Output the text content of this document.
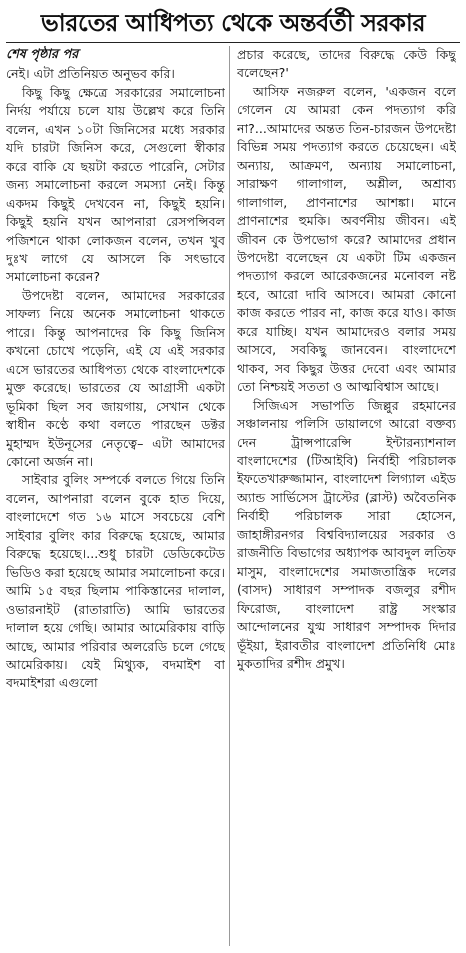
ভারতের আধিপত্য থেকে অন্তর্বর্তী সরকার
শেষ পৃষ্ঠার পর

নেই। এটা প্রতিনিয়ত অনুভব করি।

কিছু কিছু ক্ষেত্রে সরকারের সমালোচনা নির্দয় পর্যায়ে চলে যায় উল্লেখ করে তিনি বলেন, এখন ১০টা জিনিসের মধ্যে সরকার যদি চারটা জিনিস করে, সেগুলো স্বীকার করে বাকি যে ছয়টা করতে পারেনি, সেটার জন্য সমালোচনা করলে সমস্যা নেই। কিন্তু একদম কিছুই দেখবেন না, কিছুই হয়নি। কিছুই হয়নি যখন আপনারা রেসপন্সিবল পজিশনে থাকা লোকজন বলেন, তখন খুব দুঃখ লাগে যে আসলে কি সৎভাবে সমালোচনা করেন?

উপদেষ্টা বলেন, আমাদের সরকারের সাফল্য নিয়ে অনেক সমালোচনা থাকতে পারে। কিন্তু আপনাদের কি কিছু জিনিস কখনো চোখে পড়েনি, এই যে এই সরকার এসে ভারতের আধিপত্য থেকে বাংলাদেশকে মুক্ত করেছে। ভারতের যে আগ্রাসী একটা ভূমিকা ছিল সব জায়গায়, সেখান থেকে স্বাধীন কণ্ঠে কথা বলতে পারছেন ডক্টর মুহাম্মদ ইউনূসের নেতৃত্বে– এটা আমাদের কোনো অর্জন না।

সাইবার বুলিং সম্পর্কে বলতে গিয়ে তিনি বলেন, আপনারা বলেন বুকে হাত দিয়ে, বাংলাদেশে গত ১৬ মাসে সবচেয়ে বেশি সাইবার বুলিং কার বিরুদ্ধে হয়েছে, আমার বিরুদ্ধে হয়েছে।...শুধু চারটা ডেডিকেটেড ভিডিও করা হয়েছে আমার সমালোচনা করে। আমি ১৫ বছর ছিলাম পাকিস্তানের দালাল, ওভারনাইট (রাতারাতি) আমি ভারতের দালাল হয়ে গেছি। আমার আমেরিকায় বাড়ি আছে, আমার পরিবার অলরেডি চলে গেছে আমেরিকায়। যেই মিথ্যুক, বদমাইশ বা বদমাইশরা এগুলো

প্রচার করেছে, তাদের বিরুদ্ধে কেউ কিছু বলেছেন?'

আসিফ নজরুল বলেন, 'একজন বলে গেলেন যে আমরা কেন পদত্যাগ করি না?...আমাদের অন্তত তিন-চারজন উপদেষ্টা বিভিন্ন সময় পদত্যাগ করতে চেয়েছেন। এই অন্যায়, আক্রমণ, অন্যায় সমালোচনা, সারাক্ষণ গালাগাল, অশ্লীল, অশ্রাব্য গালাগাল, প্রাণনাশের আশঙ্কা। মানে প্রাণনাশের হুমকি। অবর্ণনীয় জীবন। এই জীবন কে উপভোগ করে? আমাদের প্রধান উপদেষ্টা বলেছেন যে একটা টিম একজন পদত্যাগ করলে আরেকজনের মনোবল নষ্ট হবে, আরো দাবি আসবে। আমরা কোনো কাজ করতে পারব না, কাজ করে যাও। কাজ করে যাচ্ছি। যখন আমাদেরও বলার সময় আসবে, সবকিছু জানবেন। বাংলাদেশে থাকব, সব কিছুর উত্তর দেবো এবং আমার তো নিশ্চয়ই সততা ও আত্মবিশ্বাস আছে।

সিজিএস সভাপতি জিল্লুর রহমানের সঞ্চালনায় পলিসি ডায়ালগে আরো বক্তব্য দেন ট্রান্সপারেন্সি ইন্টারন্যাশনাল বাংলাদেশের (টিআইবি) নির্বাহী পরিচালক ইফতেখারুজ্জামান, বাংলাদেশ লিগ্যাল এইড অ্যান্ড সার্ভিসেস ট্রাস্টের (ব্লাস্ট) অবৈতনিক নির্বাহী পরিচালক সারা হোসেন, জাহাঙ্গীরনগর বিশ্ববিদ্যালয়ের সরকার ও রাজনীতি বিভাগের অধ্যাপক আবদুল লতিফ মাসুম, বাংলাদেশের সমাজতান্ত্রিক দলের (বাসদ) সাধারণ সম্পাদক বজলুর রশীদ ফিরোজ, বাংলাদেশ রাষ্ট্র সংস্কার আন্দোলনের যুগ্ম সাধারণ সম্পাদক দিদার ভূঁইয়া, ইরাবতীর বাংলাদেশ প্রতিনিধি মোঃ মুকতাদির রশীদ প্রমুখ।
